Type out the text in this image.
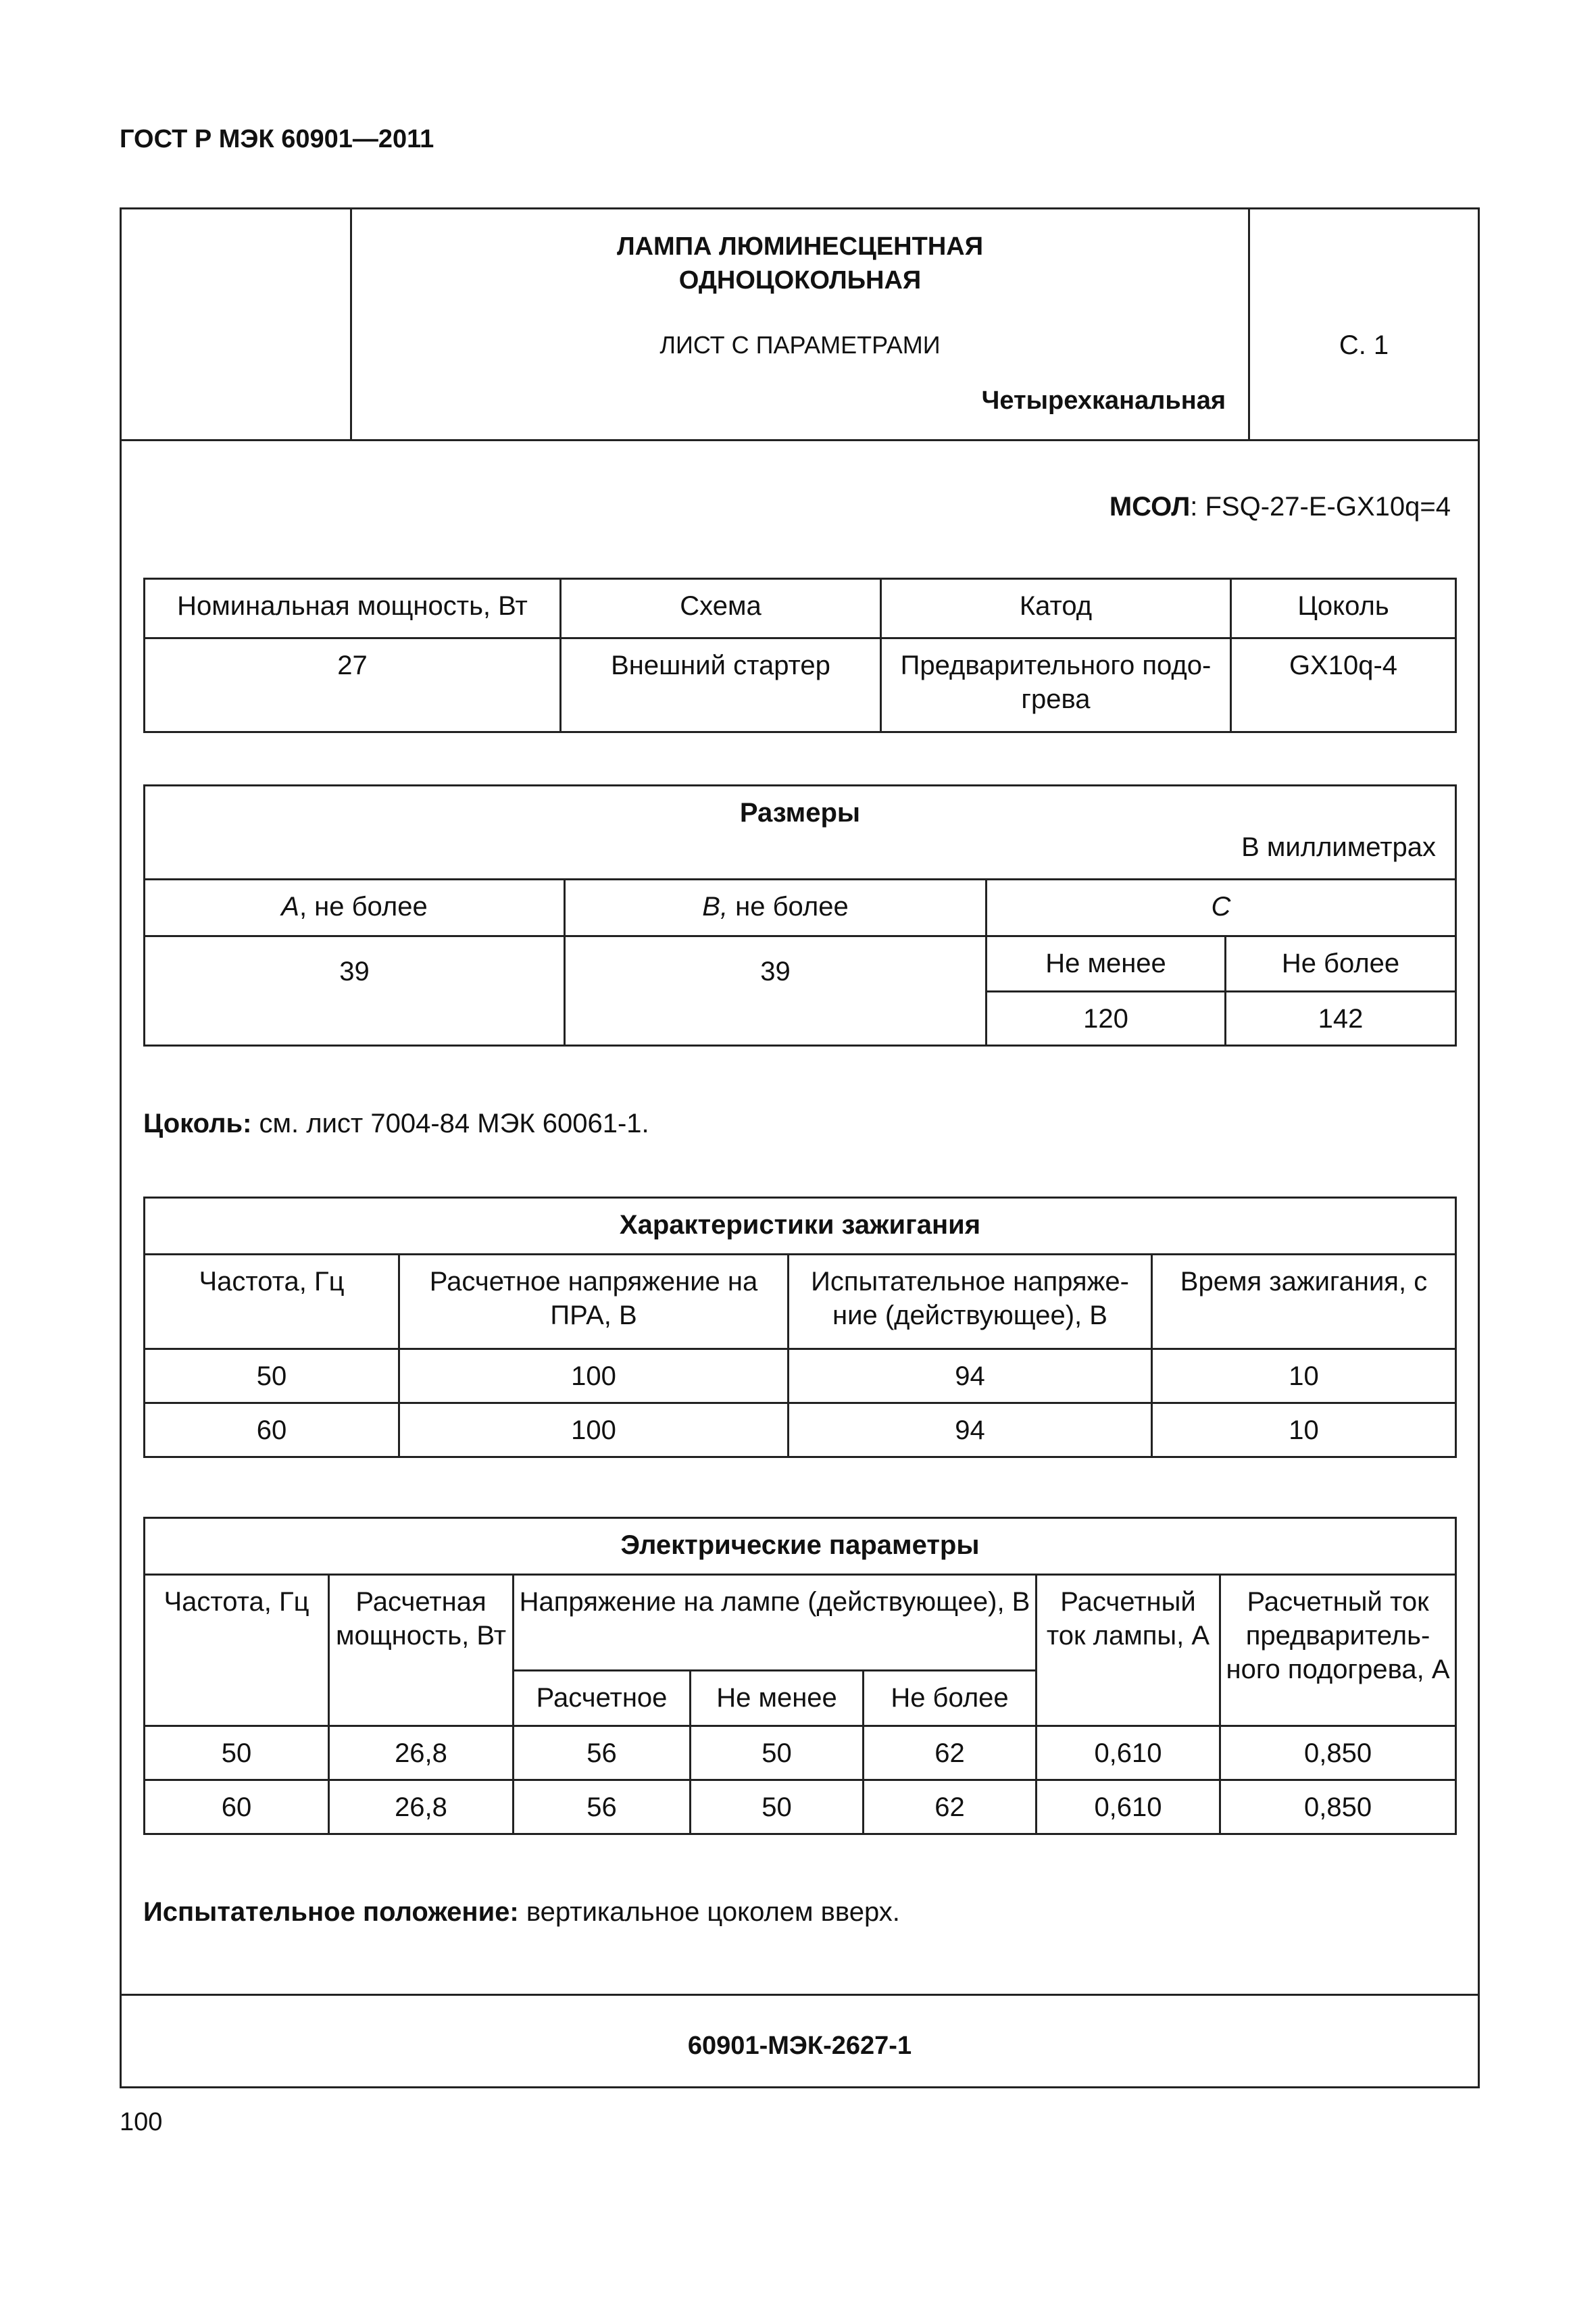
ГОСТ Р МЭК 60901—2011
ЛАМПА ЛЮМИНЕСЦЕНТНАЯ
ОДНОЦОКОЛЬНАЯ
ЛИСТ С ПАРАМЕТРАМИ
Четырехканальная
С. 1
60901-МЭК-2627-1
МСОЛ: FSQ-27-E-GX10q=4
Номинальная мощность, Вт	Схема	Катод	Цоколь
27	Внешний стартер	Предварительного подо-грева	GX10q-4
Размеры
В миллиметрах			

A, не более	B, не более	C	
39	39	Не менее	Не более
		120	142
Цоколь: см. лист 7004-84 МЭК 60061-1.
Характеристики зажигания			
Частота, Гц	Расчетное напряжение на ПРА, В	Испытательное напряже-ние (действующее), В	Время зажигания, с
50	100	94	10
60	100	94	10
Электрические параметры						
Частота, Гц	Расчетная мощность, Вт	Напряжение на лампе (действующее), В			Расчетный ток лампы, А	Расчетный ток предваритель-ного подогрева, А
		Расчетное	Не менее	Не более		
50	26,8	56	50	62	0,610	0,850
60	26,8	56	50	62	0,610	0,850
Испытательное положение: вертикальное цоколем вверх.
100
